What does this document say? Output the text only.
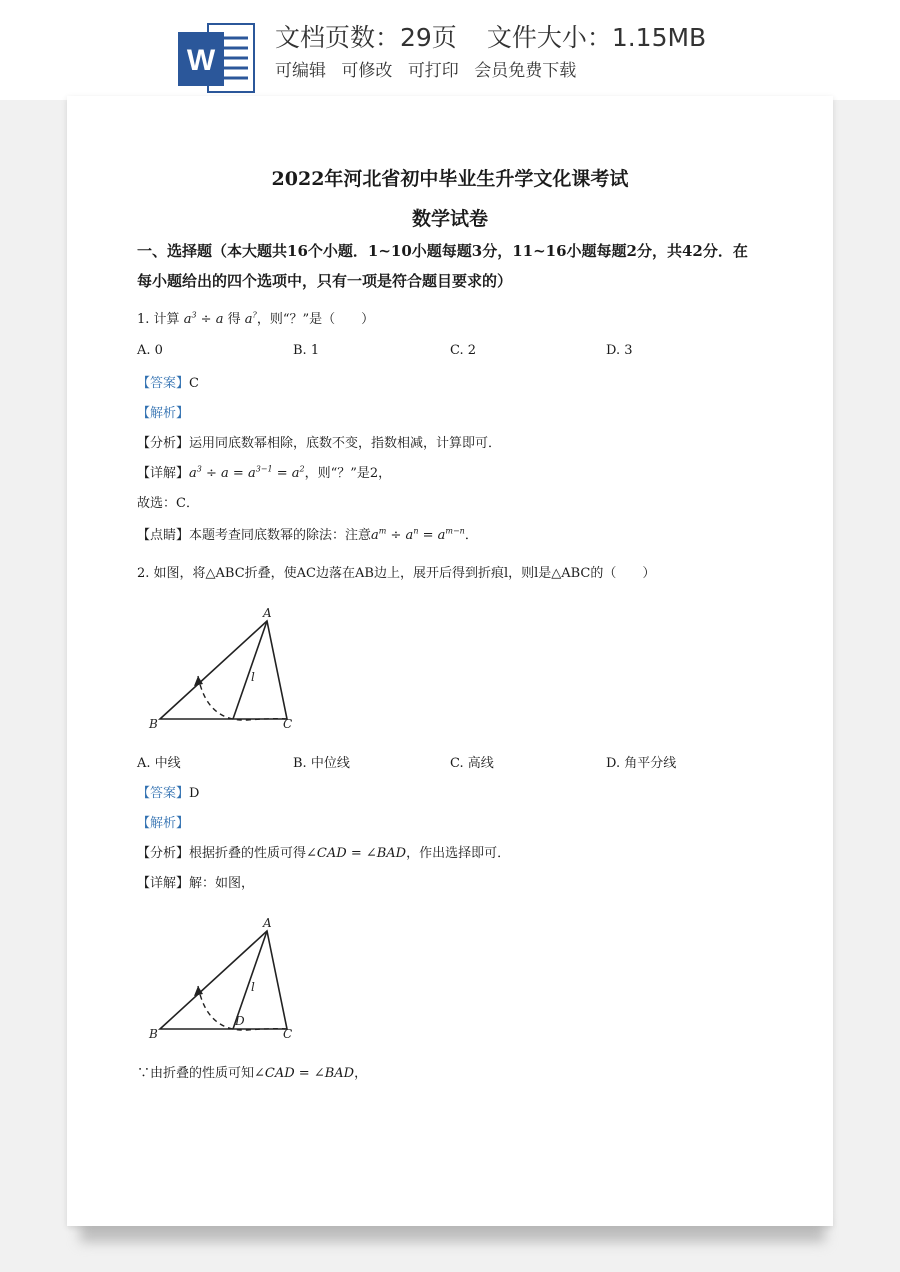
W
文档页数：29页 文件大小：1.15MB
可编辑 可修改 可打印 会员免费下载
2022年河北省初中毕业生升学文化课考试
数学试卷
一、选择题（本大题共16个小题．1~10小题每题3分，11~16小题每题2分，共42分．在
每小题给出的四个选项中，只有一项是符合题目要求的）
1. 计算 $a^3 \div a$ 得 a?，则“？”是（　　）
A. 0	B. 1	C. 2	D. 3
【答案】C
【解析】
【分析】运用同底数幂相除，底数不变，指数相减，计算即可．
【详解】$a^3 \div a = a^{3-1} = a^2$，则“？”是2，
故选：C．
【点睛】本题考查同底数幂的除法：注意$a^m \div a^n = a^{m-n}$．
2. 如图，将△ABC折叠，使AC边落在AB边上，展开后得到折痕l，则l是△ABC的（　　）
A
B	C
l
A. 中线	B. 中位线	C. 高线	D. 角平分线
【答案】D
【解析】
【分析】根据折叠的性质可得∠CAD = ∠BAD，作出选择即可．
【详解】解：如图，
A
B	C
D
l
∵由折叠的性质可知∠CAD = ∠BAD，
